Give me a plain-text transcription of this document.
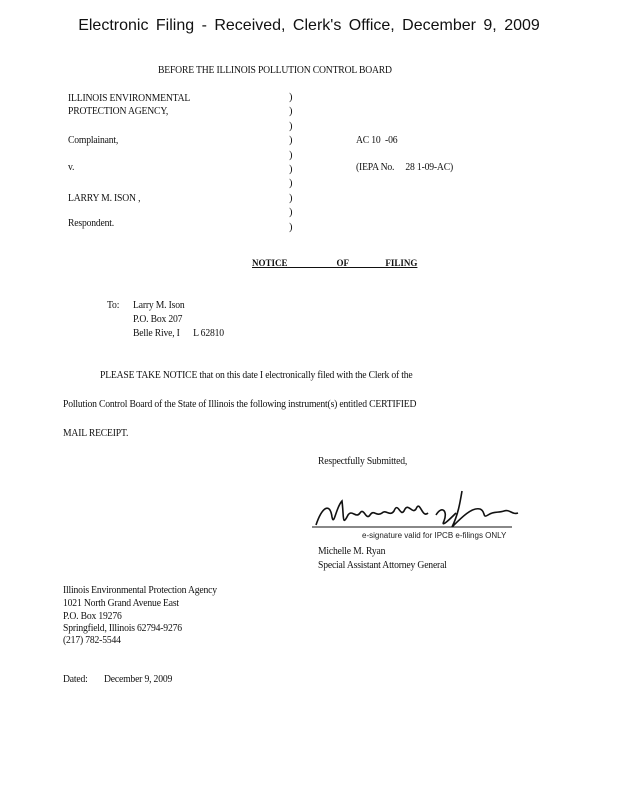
Electronic Filing - Received, Clerk's Office, December 9, 2009
BEFORE THE ILLINOIS POLLUTION CONTROL BOARD
ILLINOIS ENVIRONMENTAL
PROTECTION AGENCY,
Complainant,
v.
LARRY M. ISON ,
Respondent.
)
)
)
)
)
)
)
)
)
)
AC 10  -06
(IEPA No.     28 1-09-AC)
NOTICE    OF   FILING
To: Larry M. Ison
P.O. Box 207
Belle Rive, I      L 62810
PLEASE TAKE NOTICE that on this date I electronically filed with the Clerk of the
Pollution Control Board of the State of Illinois the following instrument(s) entitled CERTIFIED
MAIL RECEIPT.
Respectfully Submitted,
e-signature valid for IPCB e-filings ONLY
Michelle M. Ryan
Special Assistant Attorney General
Illinois Environmental Protection Agency
1021 North Grand Avenue East
P.O. Box 19276
Springfield, Illinois 62794-9276
(217) 782-5544
Dated: December 9, 2009
